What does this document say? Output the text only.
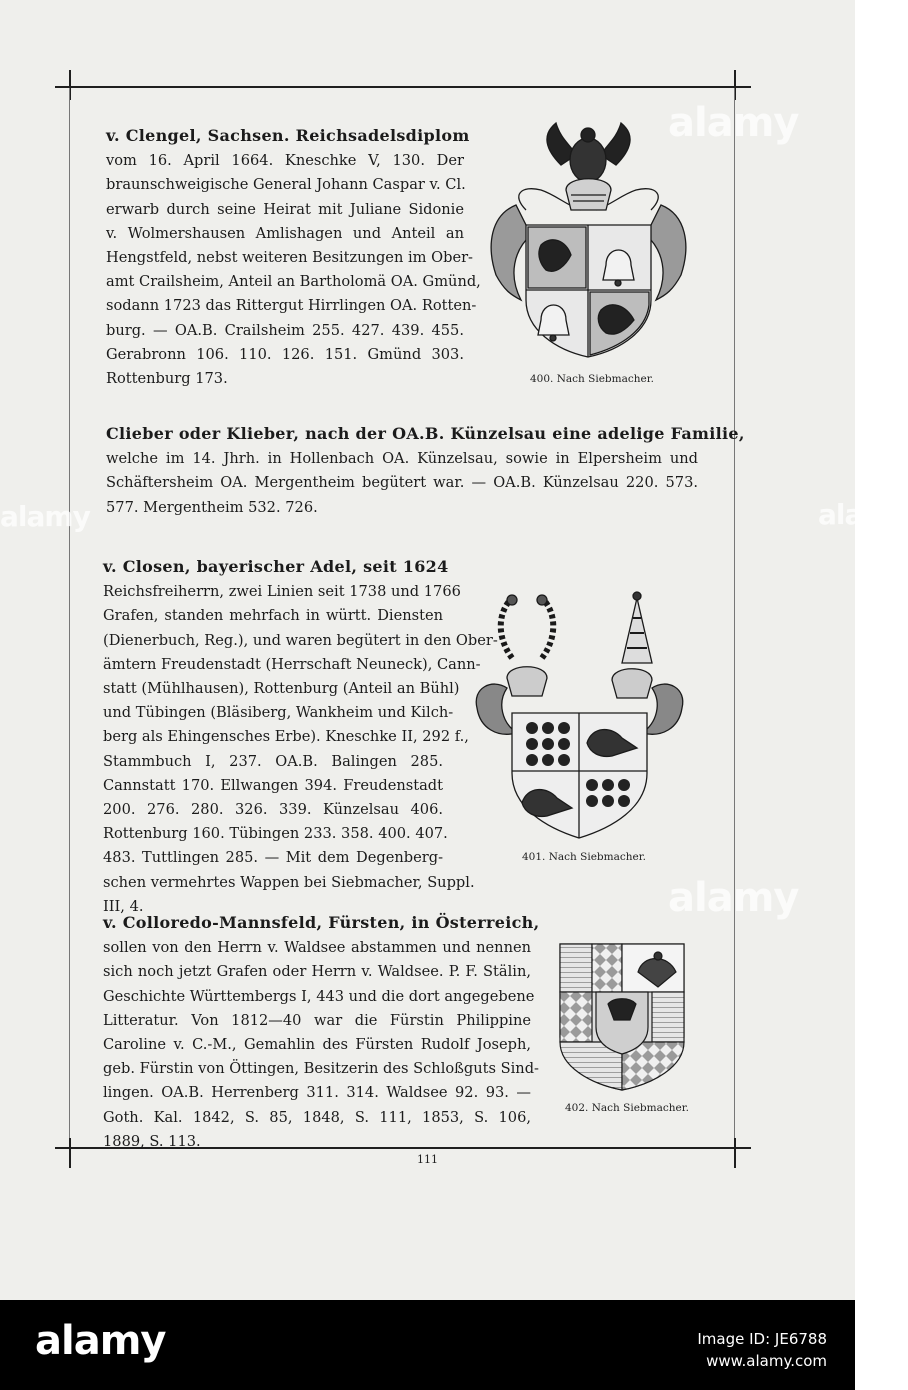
alamy
alamy
alamy	alamy
v. Clengel, Sachsen. Reichsadelsdiplom
vom 16. April 1664. Kneschke V, 130. Der
braunschweigische General Johann Caspar v. Cl.
erwarb durch seine Heirat mit Juliane Sidonie
v. Wolmershausen Amlishagen und Anteil an
Hengstfeld, nebst weiteren Besitzungen im Ober-
amt Crailsheim, Anteil an Bartholomä OA. Gmünd,
sodann 1723 das Rittergut Hirrlingen OA. Rotten-
burg. — OA.B. Crailsheim 255. 427. 439. 455.
Gerabronn 106. 110. 126. 151. Gmünd 303.
Rottenburg 173.	400. Nach Siebmacher.
Clieber oder Klieber, nach der OA.B. Künzelsau eine adelige Familie,
welche im 14. Jhrh. in Hollenbach OA. Künzelsau, sowie in Elpersheim und
Schäftersheim OA. Mergentheim begütert war. — OA.B. Künzelsau 220. 573.
577. Mergentheim 532. 726.
v. Closen, bayerischer Adel, seit 1624
Reichsfreiherrn, zwei Linien seit 1738 und 1766
Grafen, standen mehrfach in württ. Diensten
(Dienerbuch, Reg.), und waren begütert in den Ober-
ämtern Freudenstadt (Herrschaft Neuneck), Cann-
statt (Mühlhausen), Rottenburg (Anteil an Bühl)
und Tübingen (Bläsiberg, Wankheim und Kilch-
berg als Ehingensches Erbe). Kneschke II, 292 f.,
Stammbuch I, 237. OA.B. Balingen 285.
Cannstatt 170. Ellwangen 394. Freudenstadt
200. 276. 280. 326. 339. Künzelsau 406.
Rottenburg 160. Tübingen 233. 358. 400. 407.
483. Tuttlingen 285. — Mit dem Degenberg-
schen vermehrtes Wappen bei Siebmacher, Suppl.
III, 4.
401. Nach Siebmacher.
v. Colloredo-Mannsfeld, Fürsten, in Österreich,
sollen von den Herrn v. Waldsee abstammen und nennen
sich noch jetzt Grafen oder Herrn v. Waldsee. P. F. Stälin,
Geschichte Württembergs I, 443 und die dort angegebene
Litteratur. Von 1812—40 war die Fürstin Philippine
Caroline v. C.-M., Gemahlin des Fürsten Rudolf Joseph,
geb. Fürstin von Öttingen, Besitzerin des Schloßguts Sind-
lingen. OA.B. Herrenberg 311. 314. Waldsee 92. 93. —
Goth. Kal. 1842, S. 85, 1848, S. 111, 1853, S. 106,
1889, S. 113.
402. Nach Siebmacher.
111
alamy	Image ID: JE6788
www.alamy.com
